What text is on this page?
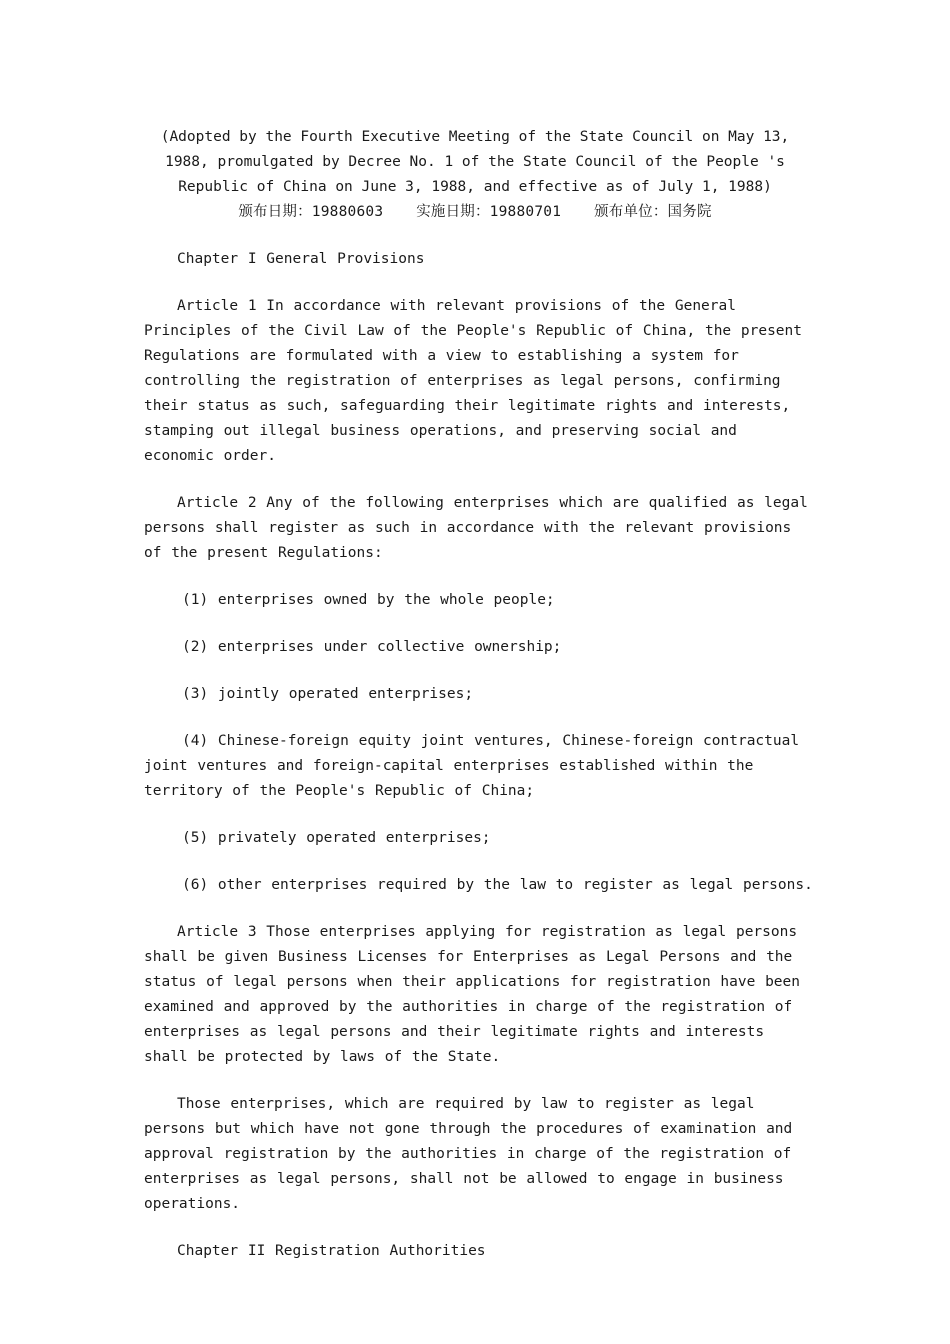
(Adopted by the Fourth Executive Meeting of the State Council on May 13, 1988, promulgated by Decree No. 1 of the State Council of the People 's Republic of China on June 3, 1988, and effective as of July 1, 1988)
颁布日期：19880603 实施日期：19880701 颁布单位：国务院

Chapter I General Provisions

Article 1 In accordance with relevant provisions of the General Principles of the Civil Law of the People's Republic of China, the present Regulations are formulated with a view to establishing a system for controlling the registration of enterprises as legal persons, confirming their status as such, safeguarding their legitimate rights and interests, stamping out illegal business operations, and preserving social and economic order.

Article 2 Any of the following enterprises which are qualified as legal persons shall register as such in accordance with the relevant provisions of the present Regulations:

(1) enterprises owned by the whole people;

(2) enterprises under collective ownership;

(3) jointly operated enterprises;

(4) Chinese-foreign equity joint ventures, Chinese-foreign contractual joint ventures and foreign-capital enterprises established within the territory of the People's Republic of China;

(5) privately operated enterprises;

(6) other enterprises required by the law to register as legal persons.

Article 3 Those enterprises applying for registration as legal persons shall be given Business Licenses for Enterprises as Legal Persons and the status of legal persons when their applications for registration have been examined and approved by the authorities in charge of the registration of enterprises as legal persons and their legitimate rights and interests shall be protected by laws of the State.

Those enterprises, which are required by law to register as legal persons but which have not gone through the procedures of examination and approval registration by the authorities in charge of the registration of enterprises as legal persons, shall not be allowed to engage in business operations.

Chapter II Registration Authorities
